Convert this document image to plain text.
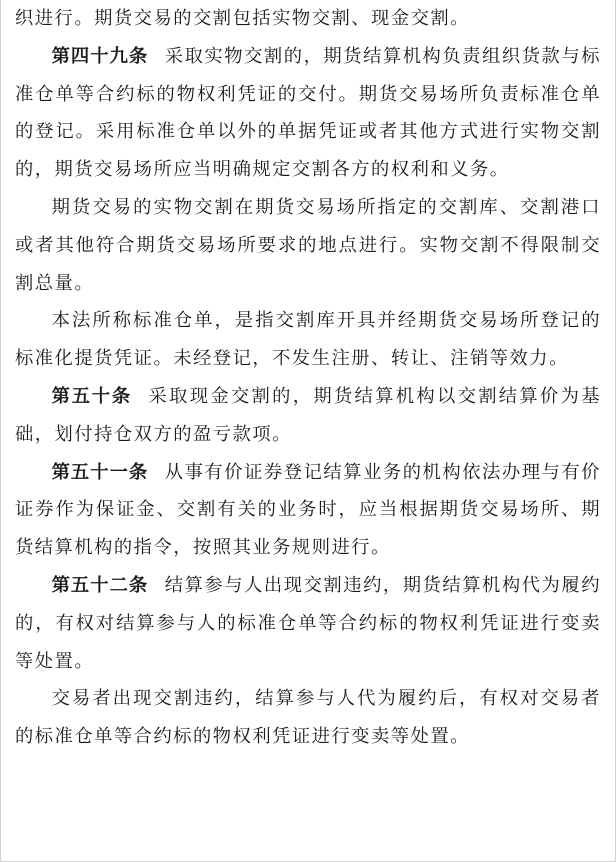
织进行。期货交易的交割包括实物交割、现金交割。

第四十九条 采取实物交割的，期货结算机构负责组织货款与标准仓单等合约标的物权利凭证的交付。期货交易场所负责标准仓单的登记。采用标准仓单以外的单据凭证或者其他方式进行实物交割的，期货交易场所应当明确规定交割各方的权利和义务。

期货交易的实物交割在期货交易场所指定的交割库、交割港口或者其他符合期货交易场所要求的地点进行。实物交割不得限制交割总量。

本法所称标准仓单，是指交割库开具并经期货交易场所登记的标准化提货凭证。未经登记，不发生注册、转让、注销等效力。

第五十条 采取现金交割的，期货结算机构以交割结算价为基础，划付持仓双方的盈亏款项。

第五十一条 从事有价证券登记结算业务的机构依法办理与有价证券作为保证金、交割有关的业务时，应当根据期货交易场所、期货结算机构的指令，按照其业务规则进行。

第五十二条 结算参与人出现交割违约，期货结算机构代为履约的，有权对结算参与人的标准仓单等合约标的物权利凭证进行变卖等处置。

交易者出现交割违约，结算参与人代为履约后，有权对交易者的标准仓单等合约标的物权利凭证进行变卖等处置。
